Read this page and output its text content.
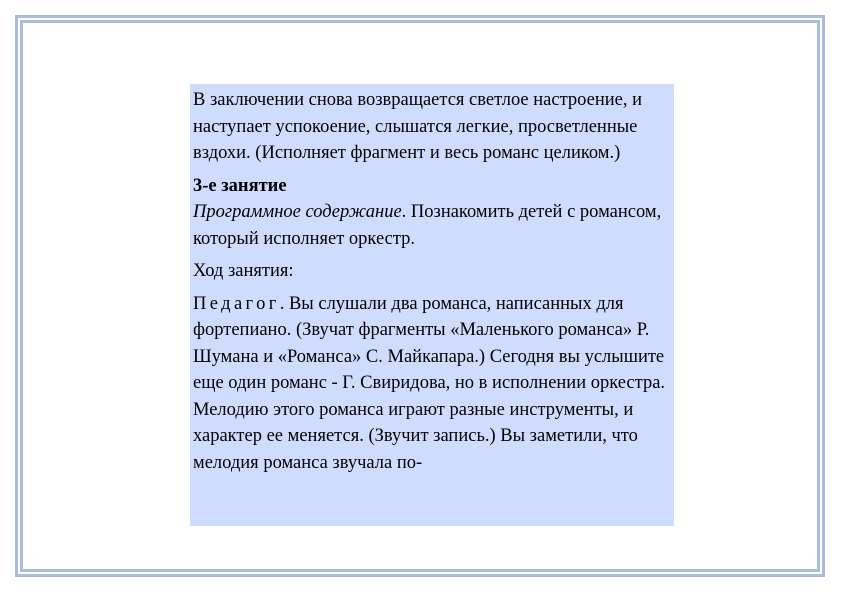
В заключении снова возвращается светлое настроение, и наступает успокоение, слышатся легкие, просветленные вздохи. (Исполняет фрагмент и весь романс целиком.)

3-е занятие

Программное содержание. Познакомить детей с романсом, который исполняет оркестр.

Ход занятия:

Педагог. Вы слушали два романса, написанных для фортепиано. (Звучат фрагменты «Маленького романса» Р. Шумана и «Романса» С. Майкапара.) Сегодня вы услышите еще один романс - Г. Свиридова, но в исполнении оркестра. Мелодию этого романса играют разные инструменты, и характер ее меняется. (Звучит запись.) Вы заметили, что мелодия романса звучала по-
